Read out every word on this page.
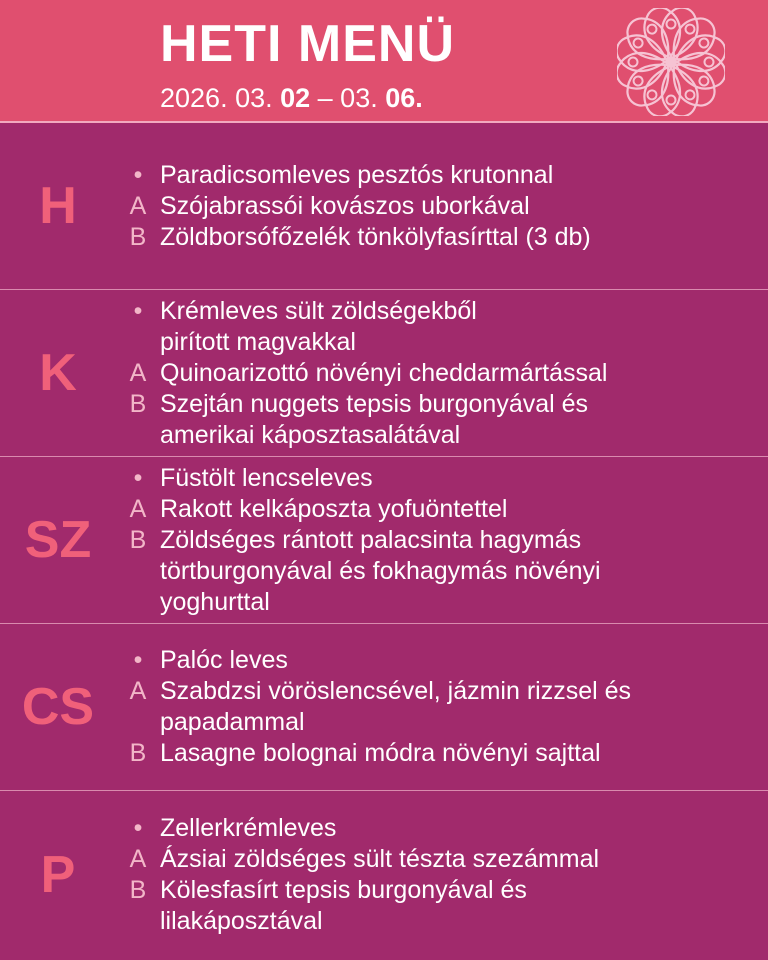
HETI MENÜ
2026. 03. 02 – 03. 06.
H
• Paradicsomleves pesztós krutonnal
A Szójabrassói kovászos uborkával
B Zöldborsófőzelék tönkölyfasírttal (3 db)
K
• Krémleves sült zöldségekből
pirított magvakkal
A Quinoarizottó növényi cheddarmártással
B Szejtán nuggets tepsis burgonyával és
amerikai káposztasalátával
SZ
• Füstölt lencseleves
A Rakott kelkáposzta yofuöntettel
B Zöldséges rántott palacsinta hagymás
törtburgonyával és fokhagymás növényi
yoghurttal
CS
• Palóc leves
A Szabdzsi vöröslencsével, jázmin rizzsel és
papadammal
B Lasagne bolognai módra növényi sajttal
P
• Zellerkrémleves
A Ázsiai zöldséges sült tészta szezámmal
B Kölesfasírt tepsis burgonyával és
lilakáposztával
